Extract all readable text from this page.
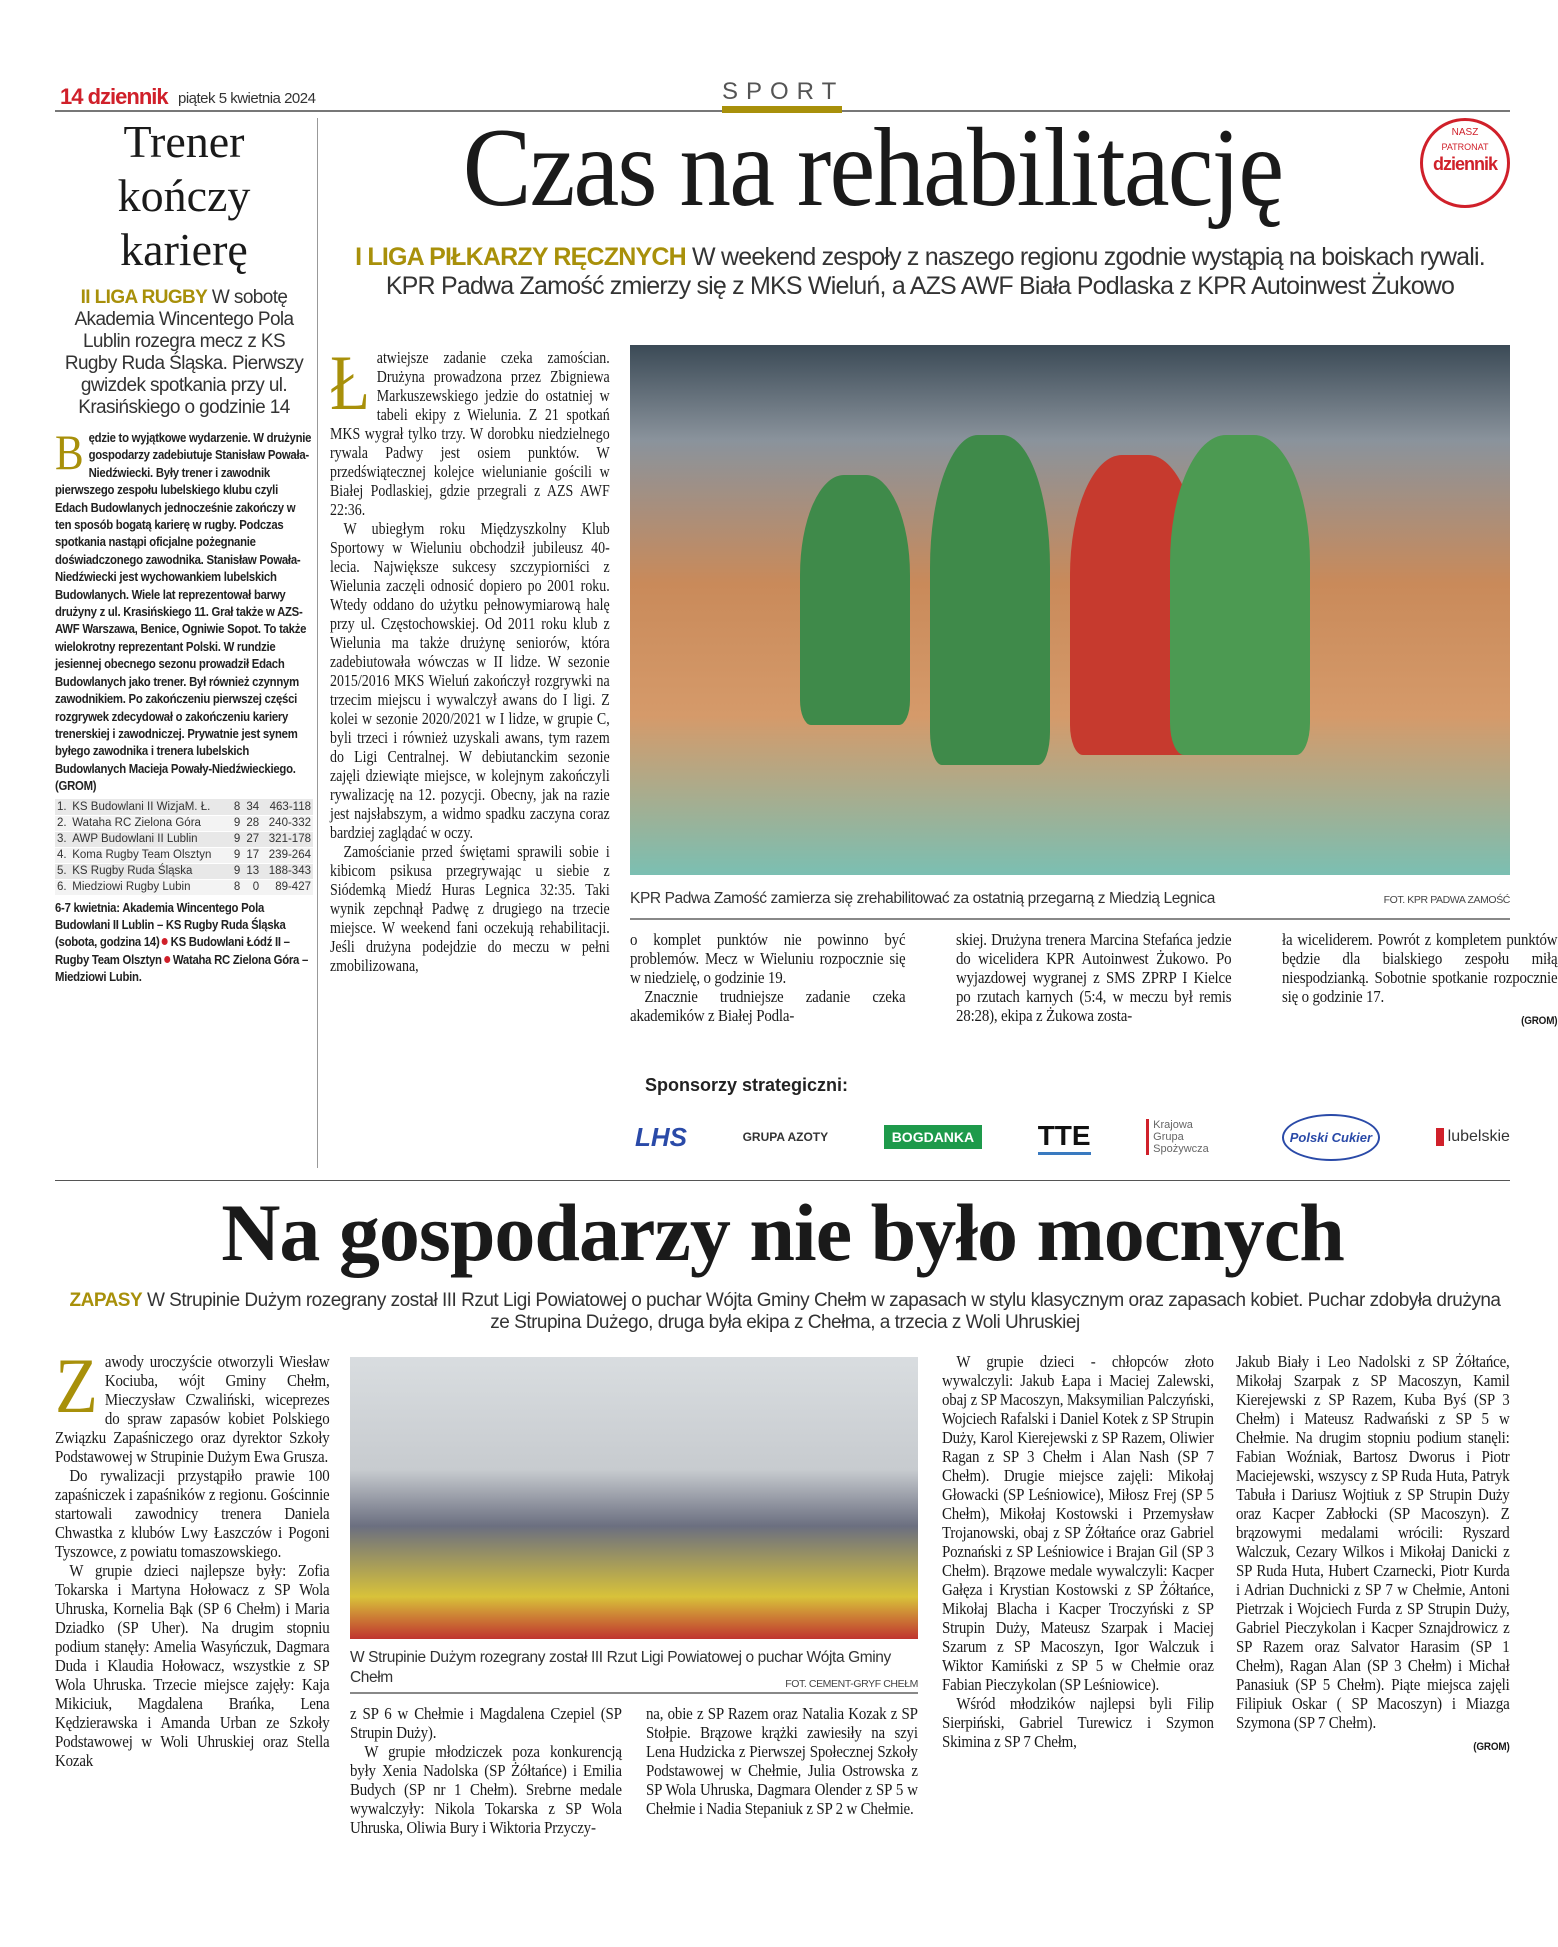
14 dziennik piątek 5 kwietnia 2024	SPORT
Trener kończy karierę
II LIGA RUGBY W sobotę Akademia Wincentego Pola Lublin rozegra mecz z KS Rugby Ruda Śląska. Pierwszy gwizdek spotkania przy ul. Krasińskiego o godzinie 14
Będzie to wyjątkowe wydarzenie. W drużynie gospodarzy zadebiutuje Stanisław Powała-Niedźwiecki. Były trener i zawodnik pierwszego zespołu lubelskiego klubu czyli Edach Budowlanych jednocześnie zakończy w ten sposób bogatą karierę w rugby. Podczas spotkania nastąpi oficjalne pożegnanie doświadczonego zawodnika. Stanisław Powała-Niedźwiecki jest wychowankiem lubelskich Budowlanych. Wiele lat reprezentował barwy drużyny z ul. Krasińskiego 11. Grał także w AZS-AWF Warszawa, Benice, Ogniwie Sopot. To także wielokrotny reprezentant Polski. W rundzie jesiennej obecnego sezonu prowadził Edach Budowlanych jako trener. Był również czynnym zawodnikiem. Po zakończeniu pierwszej części rozgrywek zdecydował o zakończeniu kariery trenerskiej i zawodniczej. Prywatnie jest synem byłego zawodnika i trenera lubelskich Budowlanych Macieja Powały-Niedźwieckiego. (GROM)
1.	KS Budowlani II WizjaM. Ł.	8	34	463-118
2.	Wataha RC Zielona Góra	9	28	240-332
3.	AWP Budowlani II Lublin	9	27	321-178
4.	Koma Rugby Team Olsztyn	9	17	239-264
5.	KS Rugby Ruda Śląska	9	13	188-343
6.	Miedziowi Rugby Lubin	8	0	89-427
6-7 kwietnia: Akademia Wincentego Pola Budowlani II Lublin – KS Rugby Ruda Śląska (sobota, godzina 14) KS Budowlani Łódź II – Rugby Team Olsztyn Wataha RC Zielona Góra – Miedziowi Lubin.
Czas na rehabilitację	NASZ
PATRONAT
dziennik
I LIGA PIŁKARZY RĘCZNYCH W weekend zespoły z naszego regionu zgodnie wystąpią na boiskach rywali. KPR Padwa Zamość zmierzy się z MKS Wieluń, a AZS AWF Biała Podlaska z KPR Autoinwest Żukowo

Łatwiejsze zadanie czeka zamościan. Drużyna prowadzona przez Zbigniewa Markuszewskiego jedzie do ostatniej w tabeli ekipy z Wielunia. Z 21 spotkań MKS wygrał tylko trzy. W dorobku niedzielnego rywala Padwy jest osiem punktów. W przedświątecznej kolejce wielunianie gościli w Białej Podlaskiej, gdzie przegrali z AZS AWF 22:36.

W ubiegłym roku Międzyszkolny Klub Sportowy w Wieluniu obchodził jubileusz 40-lecia. Największe sukcesy szczypiorniści z Wielunia zaczęli odnosić dopiero po 2001 roku. Wtedy oddano do użytku pełnowymiarową halę przy ul. Częstochowskiej. Od 2011 roku klub z Wielunia ma także drużynę seniorów, która zadebiutowała wówczas w II lidze. W sezonie 2015/2016 MKS Wieluń zakończył rozgrywki na trzecim miejscu i wywalczył awans do I ligi. Z kolei w sezonie 2020/2021 w I lidze, w grupie C, byli trzeci i również uzyskali awans, tym razem do Ligi Centralnej. W debiutanckim sezonie zajęli dziewiąte miejsce, w kolejnym zakończyli rywalizację na 12. pozycji. Obecny, jak na razie jest najsłabszym, a widmo spadku zaczyna coraz bardziej zaglądać w oczy.

Zamościanie przed świętami sprawili sobie i kibicom psikusa przegrywając u siebie z Siódemką Miedź Huras Legnica 32:35. Taki wynik zepchnął Padwę z drugiego na trzecie miejsce. W weekend fani oczekują rehabilitacji. Jeśli drużyna podejdzie do meczu w pełni zmobilizowana,

KPR Padwa Zamość zamierza się zrehabilitować za ostatnią przegarną z Miedzią Legnica	FOT. KPR PADWA ZAMOŚĆ

o komplet punktów nie powinno być problemów. Mecz w Wieluniu rozpocznie się w niedzielę, o godzinie 19.

Znacznie trudniejsze zadanie czeka akademików z Białej Podla-

skiej. Drużyna trenera Marcina Stefańca jedzie do wicelidera KPR Autoinwest Żukowo. Po wyjazdowej wygranej z SMS ZPRP I Kielce po rzutach karnych (5:4, w meczu był remis 28:28), ekipa z Żukowa zosta-

ła wiceliderem. Powrót z kompletem punktów będzie dla bialskiego zespołu miłą niespodzianką. Sobotnie spotkanie rozpocznie się o godzinie 17.

(GROM)

Sponsorzy strategiczni:
LHS	GRUPA AZOTY	BOGDANKA TTE	Krajowa Grupa Spożywcza
Polski Cukier	lubelskie
Na gospodarzy nie było mocnych
ZAPASY W Strupinie Dużym rozegrany został III Rzut Ligi Powiatowej o puchar Wójta Gminy Chełm w zapasach w stylu klasycznym oraz zapasach kobiet. Puchar zdobyła drużyna ze Strupina Dużego, druga była ekipa z Chełma, a trzecia z Woli Uhruskiej

Zawody uroczyście otworzyli Wiesław Kociuba, wójt Gminy Chełm, Mieczysław Czwaliński, wiceprezes do spraw zapasów kobiet Polskiego Związku Zapaśniczego oraz dyrektor Szkoły Podstawowej w Strupinie Dużym Ewa Grusza.

Do rywalizacji przystąpiło prawie 100 zapaśniczek i zapaśników z regionu. Gościnnie startowali zawodnicy trenera Daniela Chwastka z klubów Lwy Łaszczów i Pogoni Tyszowce, z powiatu tomaszowskiego.

W grupie dzieci najlepsze były: Zofia Tokarska i Martyna Hołowacz z SP Wola Uhruska, Kornelia Bąk (SP 6 Chełm) i Maria Dziadko (SP Uher). Na drugim stopniu podium stanęły: Amelia Wasyńczuk, Dagmara Duda i Klaudia Hołowacz, wszystkie z SP Wola Uhruska. Trzecie miejsce zajęły: Kaja Mikiciuk, Magdalena Brańka, Lena Kędzierawska i Amanda Urban ze Szkoły Podstawowej w Woli Uhruskiej oraz Stella Kozak

W Strupinie Dużym rozegrany został III Rzut Ligi Powiatowej o puchar Wójta Gminy Chełm	FOT. CEMENT-GRYF CHEŁM

z SP 6 w Chełmie i Magdalena Czepiel (SP Strupin Duży).

W grupie młodziczek poza konkurencją były Xenia Nadolska (SP Żółtańce) i Emilia Budych (SP nr 1 Chełm). Srebrne medale wywalczyły: Nikola Tokarska z SP Wola Uhruska, Oliwia Bury i Wiktoria Przyczy-

na, obie z SP Razem oraz Natalia Kozak z SP Stołpie. Brązowe krążki zawiesiły na szyi Lena Hudzicka z Pierwszej Społecznej Szkoły Podstawowej w Chełmie, Julia Ostrowska z SP Wola Uhruska, Dagmara Olender z SP 5 w Chełmie i Nadia Stepaniuk z SP 2 w Chełmie.

W grupie dzieci - chłopców złoto wywalczyli: Jakub Łapa i Maciej Zalewski, obaj z SP Macoszyn, Maksymilian Palczyński, Wojciech Rafalski i Daniel Kotek z SP Strupin Duży, Karol Kierejewski z SP Razem, Oliwier Ragan z SP 3 Chełm i Alan Nash (SP 7 Chełm). Drugie miejsce zajęli: Mikołaj Głowacki (SP Leśniowice), Miłosz Frej (SP 5 Chełm), Mikołaj Kostowski i Przemysław Trojanowski, obaj z SP Żółtańce oraz Gabriel Poznański z SP Leśniowice i Brajan Gil (SP 3 Chełm). Brązowe medale wywalczyli: Kacper Gałęza i Krystian Kostowski z SP Żółtańce, Mikołaj Blacha i Kacper Troczyński z SP Strupin Duży, Mateusz Szarpak i Maciej Szarum z SP Macoszyn, Igor Walczuk i Wiktor Kamiński z SP 5 w Chełmie oraz Fabian Pieczykolan (SP Leśniowice).

Wśród młodzików najlepsi byli Filip Sierpiński, Gabriel Turewicz i Szymon Skimina z SP 7 Chełm,

Jakub Biały i Leo Nadolski z SP Żółtańce, Mikołaj Szarpak z SP Macoszyn, Kamil Kierejewski z SP Razem, Kuba Byś (SP 3 Chełm) i Mateusz Radwański z SP 5 w Chełmie. Na drugim stopniu podium stanęli: Fabian Woźniak, Bartosz Dworus i Piotr Maciejewski, wszyscy z SP Ruda Huta, Patryk Tabuła i Dariusz Wojtiuk z SP Strupin Duży oraz Kacper Zabłocki (SP Macoszyn). Z brązowymi medalami wrócili: Ryszard Walczuk, Cezary Wilkos i Mikołaj Danicki z SP Ruda Huta, Hubert Czarnecki, Piotr Kurda i Adrian Duchnicki z SP 7 w Chełmie, Antoni Pietrzak i Wojciech Furda z SP Strupin Duży, Gabriel Pieczykolan i Kacper Sznajdrowicz z SP Razem oraz Salvator Harasim (SP 1 Chełm), Ragan Alan (SP 3 Chełm) i Michał Panasiuk (SP 5 Chełm). Piąte miejsca zajęli Filipiuk Oskar ( SP Macoszyn) i Miazga Szymona (SP 7 Chełm).

(GROM)
